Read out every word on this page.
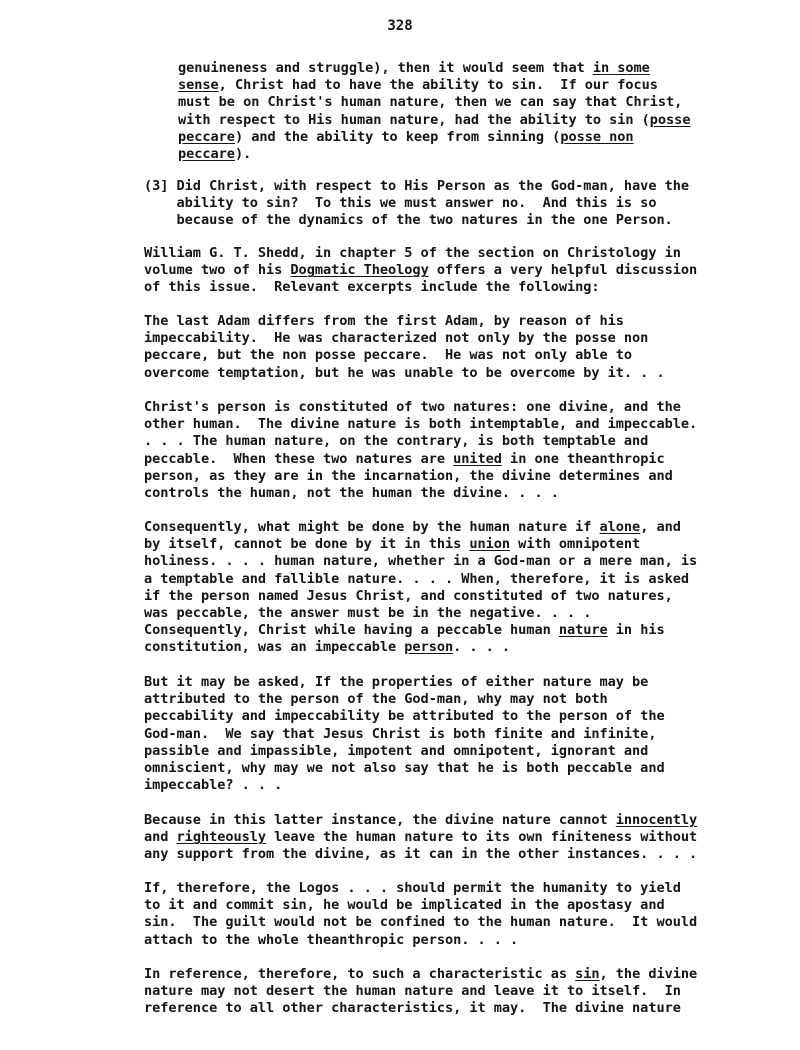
328
genuineness and struggle), then it would seem that in some
sense, Christ had to have the ability to sin.  If our focus
must be on Christ's human nature, then we can say that Christ,
with respect to His human nature, had the ability to sin (posse
peccare) and the ability to keep from sinning (posse non
peccare).
(3] Did Christ, with respect to His Person as the God-man, have the
ability to sin?  To this we must answer no.  And this is so
because of the dynamics of the two natures in the one Person.
William G. T. Shedd, in chapter 5 of the section on Christology in
volume two of his Dogmatic Theology offers a very helpful discussion
of this issue.  Relevant excerpts include the following:
The last Adam differs from the first Adam, by reason of his
impeccability.  He was characterized not only by the posse non
peccare, but the non posse peccare.  He was not only able to
overcome temptation, but he was unable to be overcome by it. . .
Christ's person is constituted of two natures: one divine, and the
other human.  The divine nature is both intemptable, and impeccable.
. . . The human nature, on the contrary, is both temptable and
peccable.  When these two natures are united in one theanthropic
person, as they are in the incarnation, the divine determines and
controls the human, not the human the divine. . . .
Consequently, what might be done by the human nature if alone, and
by itself, cannot be done by it in this union with omnipotent
holiness. . . . human nature, whether in a God-man or a mere man, is
a temptable and fallible nature. . . . When, therefore, it is asked
if the person named Jesus Christ, and constituted of two natures,
was peccable, the answer must be in the negative. . . .
Consequently, Christ while having a peccable human nature in his
constitution, was an impeccable person. . . .
But it may be asked, If the properties of either nature may be
attributed to the person of the God-man, why may not both
peccability and impeccability be attributed to the person of the
God-man.  We say that Jesus Christ is both finite and infinite,
passible and impassible, impotent and omnipotent, ignorant and
omniscient, why may we not also say that he is both peccable and
impeccable? . . .
Because in this latter instance, the divine nature cannot innocently
and righteously leave the human nature to its own finiteness without
any support from the divine, as it can in the other instances. . . .
If, therefore, the Logos . . . should permit the humanity to yield
to it and commit sin, he would be implicated in the apostasy and
sin.  The guilt would not be confined to the human nature.  It would
attach to the whole theanthropic person. . . .
In reference, therefore, to such a characteristic as sin, the divine
nature may not desert the human nature and leave it to itself.  In
reference to all other characteristics, it may.  The divine nature
